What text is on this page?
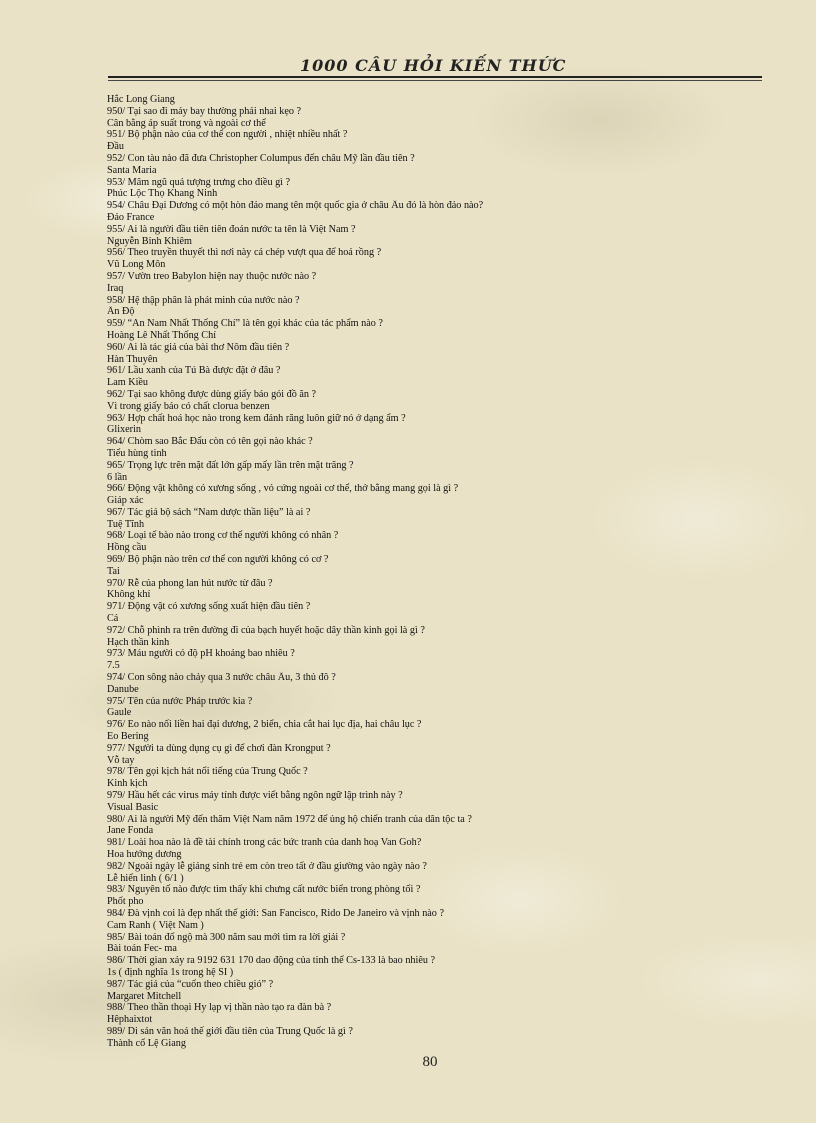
1000 CÂU HỎI KIẾN THỨC
Hắc Long Giang
950/ Tại sao đi máy bay thường phải nhai kẹo ?
Cân bằng áp suất trong và ngoài cơ thể
951/ Bộ phận nào của cơ thể con người , nhiệt nhiều nhất ?
Đầu
952/ Con tàu nào đã đưa Christopher Columpus đến châu Mỹ lần đầu tiên ?
Santa Maria
953/ Mâm ngũ quả tượng trưng cho điều gì ?
Phúc Lộc Thọ Khang Ninh
954/ Châu Đại Dương có một hòn đảo mang tên một quốc gia ở châu Âu đó là hòn đảo nào?
Đảo France
955/ Ai là người đầu tiên tiên đoán nước ta tên là Việt Nam ?
Nguyễn Bỉnh Khiêm
956/ Theo truyền thuyết thì nơi này cá chép vượt qua để hoá rồng ?
Vũ Long Môn
957/ Vườn treo Babylon hiện nay thuộc nước nào ?
Iraq
958/ Hệ thập phân là phát minh của nước nào ?
Ấn Độ
959/ “An Nam Nhất Thống Chí” là tên gọi khác của tác phẩm nào ?
Hoàng Lê Nhất Thống Chí
960/ Ai là tác giả của bài thơ Nôm đầu tiên ?
Hàn Thuyên
961/ Lầu xanh của Tú Bà được đặt ở đâu ?
Lam Kiều
962/ Tại sao không được dùng giấy báo gói đồ ăn ?
Vì trong giấy báo có chất clorua benzen
963/ Hợp chất hoá học nào trong kem đánh răng luôn giữ nó ở dạng ẩm ?
Glixerin
964/ Chòm sao Bắc Đẩu còn có tên gọi nào khác ?
Tiểu hùng tinh
965/ Trọng lực trên mặt đất lớn gấp mấy lần trên mặt trăng ?
6 lần
966/ Động vật không có xương sống , vỏ cứng ngoài cơ thể, thở bằng mang gọi là gì ?
Giáp xác
967/ Tác giả bộ sách “Nam dược thần liệu” là ai ?
Tuệ Tĩnh
968/ Loại tế bào nào trong cơ thể người không có nhân ?
Hồng cầu
969/ Bộ phận nào trên cơ thể con người không có cơ ?
Tai
970/ Rễ của phong lan hút nước từ đâu ?
Không khí
971/ Động vật có xương sống xuất hiện đầu tiên ?
Cá
972/ Chỗ phình ra trên đường đi của bạch huyết hoặc dây thần kinh gọi là gì ?
Hạch thần kinh
973/ Máu người có độ pH khoảng bao nhiêu ?
7.5
974/ Con sông nào chảy qua 3 nước châu Âu, 3 thủ đô ?
Danube
975/ Tên của nước Pháp trước kia ?
Gaule
976/ Eo nào nối liền hai đại dương, 2 biển, chia cắt hai lục địa, hai châu lục ?
Eo Bering
977/ Người ta dùng dụng cụ gì để chơi đàn Krongput ?
Vỗ tay
978/ Tên gọi kịch hát nổi tiếng của Trung Quốc ?
Kinh kịch
979/ Hầu hết các virus máy tính được viết bằng ngôn ngữ lập trình này ?
Visual Basic
980/ Ai là người Mỹ đến thăm Việt Nam năm 1972 để ủng hộ chiến tranh của dân tộc ta ?
Jane Fonda
981/ Loài hoa nào là đề tài chính trong các bức tranh của danh hoạ Van Goh?
Hoa hướng dương
982/ Ngoài ngày lễ giáng sinh trẻ em còn treo tất ở đầu giường vào ngày nào ?
Lễ hiển linh ( 6/1 )
983/ Nguyên tố nào được tìm thấy khi chưng cất nước biển trong phòng tối ?
Phốt pho
984/ Đà vịnh coi là đẹp nhất thế giới: San Fancisco, Rido De Janeiro và vịnh nào ?
Cam Ranh ( Việt Nam )
985/ Bài toán đố ngộ mà 300 năm sau mới tìm ra lời giải ?
Bài toán Fec- ma
986/ Thời gian xảy ra 9192 631 170 dao động của tinh thể Cs-133 là bao nhiêu ?
1s ( định nghĩa 1s trong hệ SI )
987/ Tác giả của “cuốn theo chiều gió” ?
Margaret Mitchell
988/ Theo thần thoại Hy lạp vị thần nào tạo ra đàn bà ?
Hêphaixtot
989/ Di sản văn hoá thế giới đầu tiên của Trung Quốc là gì ?
Thành cổ Lệ Giang
80
